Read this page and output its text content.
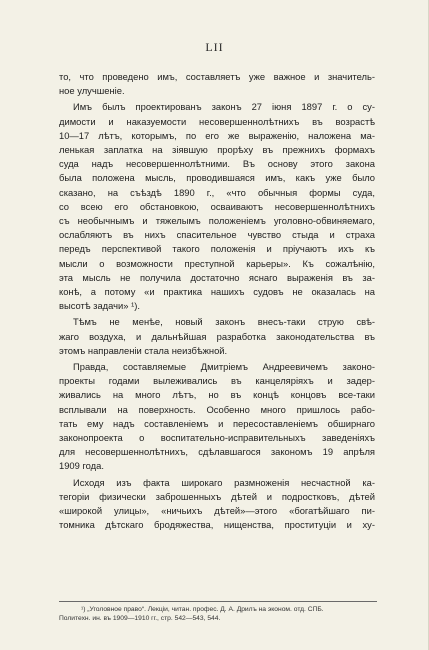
LII

то, что проведено имъ, составляетъ уже важное и значитель-
ное улучшеніе.

Имъ былъ проектированъ законъ 27 іюня 1897 г. о су-
димости и наказуемости несовершеннолѣтнихъ въ возрастѣ
10—17 лѣтъ, которымъ, по его же выраженію, наложена ма-
ленькая заплатка на зіявшую прорѣху въ прежнихъ формахъ
суда надъ несовершеннолѣтними. Въ основу этого закона
была положена мысль, проводившаяся имъ, какъ уже было
сказано, на съѣздѣ 1890 г., «что обычныя формы суда,
со всею его обстановкою, осваиваютъ несовершеннолѣтнихъ
съ необычнымъ и тяжелымъ положеніемъ уголовно-обвиняемаго,
ослабляютъ въ нихъ спасительное чувство стыда и страха
передъ перспективой такого положенія и пріучаютъ ихъ къ
мысли о возможности преступной карьеры». Къ сожалѣнію,
эта мысль не получила достаточно яснаго выраженія въ за-
конѣ, а потому «и практика нашихъ судовъ не оказалась на
высотѣ задачи» ¹).

Тѣмъ не менѣе, новый законъ внесъ-таки струю свѣ-
жаго воздуха, и дальнѣйшая разработка законодательства въ
этомъ направленіи стала неизбѣжной.

Правда, составляемые Дмитріемъ Андреевичемъ законо-
проекты годами вылеживались въ канцеляріяхъ и задер-
живались на много лѣтъ, но въ концѣ концовъ все-таки
всплывали на поверхность. Особенно много пришлось рабо-
тать ему надъ составленіемъ и пересоставленіемъ обширнаго
законопроекта о воспитательно-исправительныхъ заведеніяхъ
для несовершеннолѣтнихъ, сдѣлавшагося закономъ 19 апрѣля
1909 года.

Исходя изъ факта широкаго размноженія несчастной ка-
тегоріи физически заброшенныхъ дѣтей и подростковъ, дѣтей
«широкой улицы», «ничьихъ дѣтей»—этого «богатѣйшаго пи-
томника дѣтскаго бродяжества, нищенства, проституціи и ху-

¹) „Уголовное право“. Лекціи, читан. профес. Д. А. Дрилъ на эконом. отд. СПБ.
Политехн. ин. въ 1909—1910 гг., стр. 542—543, 544.
